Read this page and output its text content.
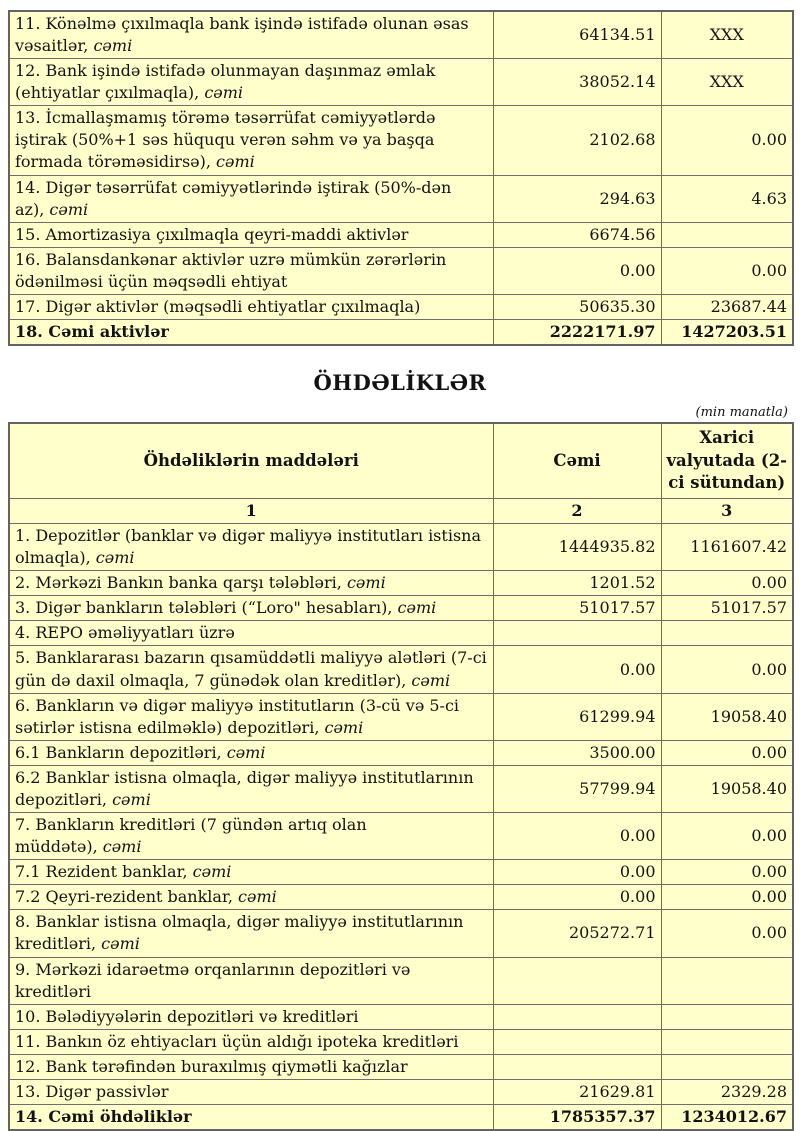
11. Könəlmə çıxılmaqla bank işində istifadə olunan əsas vəsaitlər, cəmi	64134.51	XXX
12. Bank işində istifadə olunmayan daşınmaz əmlak (ehtiyatlar çıxılmaqla), cəmi	38052.14	XXX
13. İcmallaşmamış törəmə təsərrüfat cəmiyyətlərdə iştirak (50%+1 səs hüququ verən səhm və ya başqa formada törəməsidirsə), cəmi	2102.68	0.00
14. Digər təsərrüfat cəmiyyətlərində iştirak (50%-dən az), cəmi	294.63	4.63
15. Amortizasiya çıxılmaqla qeyri-maddi aktivlər	6674.56	
16. Balansdankənar aktivlər uzrə mümkün zərərlərin ödənilməsi üçün məqsədli ehtiyat	0.00	0.00
17. Digər aktivlər (məqsədli ehtiyatlar çıxılmaqla)	50635.30	23687.44
18. Cəmi aktivlər	2222171.97	1427203.51
ÖHDƏLİKLƏR
(min manatla)
Öhdəliklərin maddələri	Cəmi	Xarici valyutada (2-ci sütundan)
1	2	3
1. Depozitlər (banklar və digər maliyyə institutları istisna olmaqla), cəmi	1444935.82	1161607.42
2. Mərkəzi Bankın banka qarşı tələbləri, cəmi	1201.52	0.00
3. Digər bankların tələbləri (“Loro" hesabları), cəmi	51017.57	51017.57
4. REPO əməliyyatları üzrə		
5. Banklararası bazarın qısamüddətli maliyyə alətləri (7-ci gün də daxil olmaqla, 7 günədək olan kreditlər), cəmi	0.00	0.00
6. Bankların və digər maliyyə institutların (3-cü və 5-ci sətirlər istisna edilməklə) depozitləri, cəmi	61299.94	19058.40
6.1 Bankların depozitləri, cəmi	3500.00	0.00
6.2 Banklar istisna olmaqla, digər maliyyə institutlarının depozitləri, cəmi	57799.94	19058.40
7. Bankların kreditləri (7 gündən artıq olan müddətə), cəmi	0.00	0.00
7.1 Rezident banklar, cəmi	0.00	0.00
7.2 Qeyri-rezident banklar, cəmi	0.00	0.00
8. Banklar istisna olmaqla, digər maliyyə institutlarının kreditləri, cəmi	205272.71	0.00
9. Mərkəzi idarəetmə orqanlarının depozitləri və kreditləri		
10. Bələdiyyələrin depozitləri və kreditləri		
11. Bankın öz ehtiyacları üçün aldığı ipoteka kreditləri		
12. Bank tərəfindən buraxılmış qiymətli kağızlar		
13. Digər passivlər	21629.81	2329.28
14. Cəmi öhdəliklər	1785357.37	1234012.67
